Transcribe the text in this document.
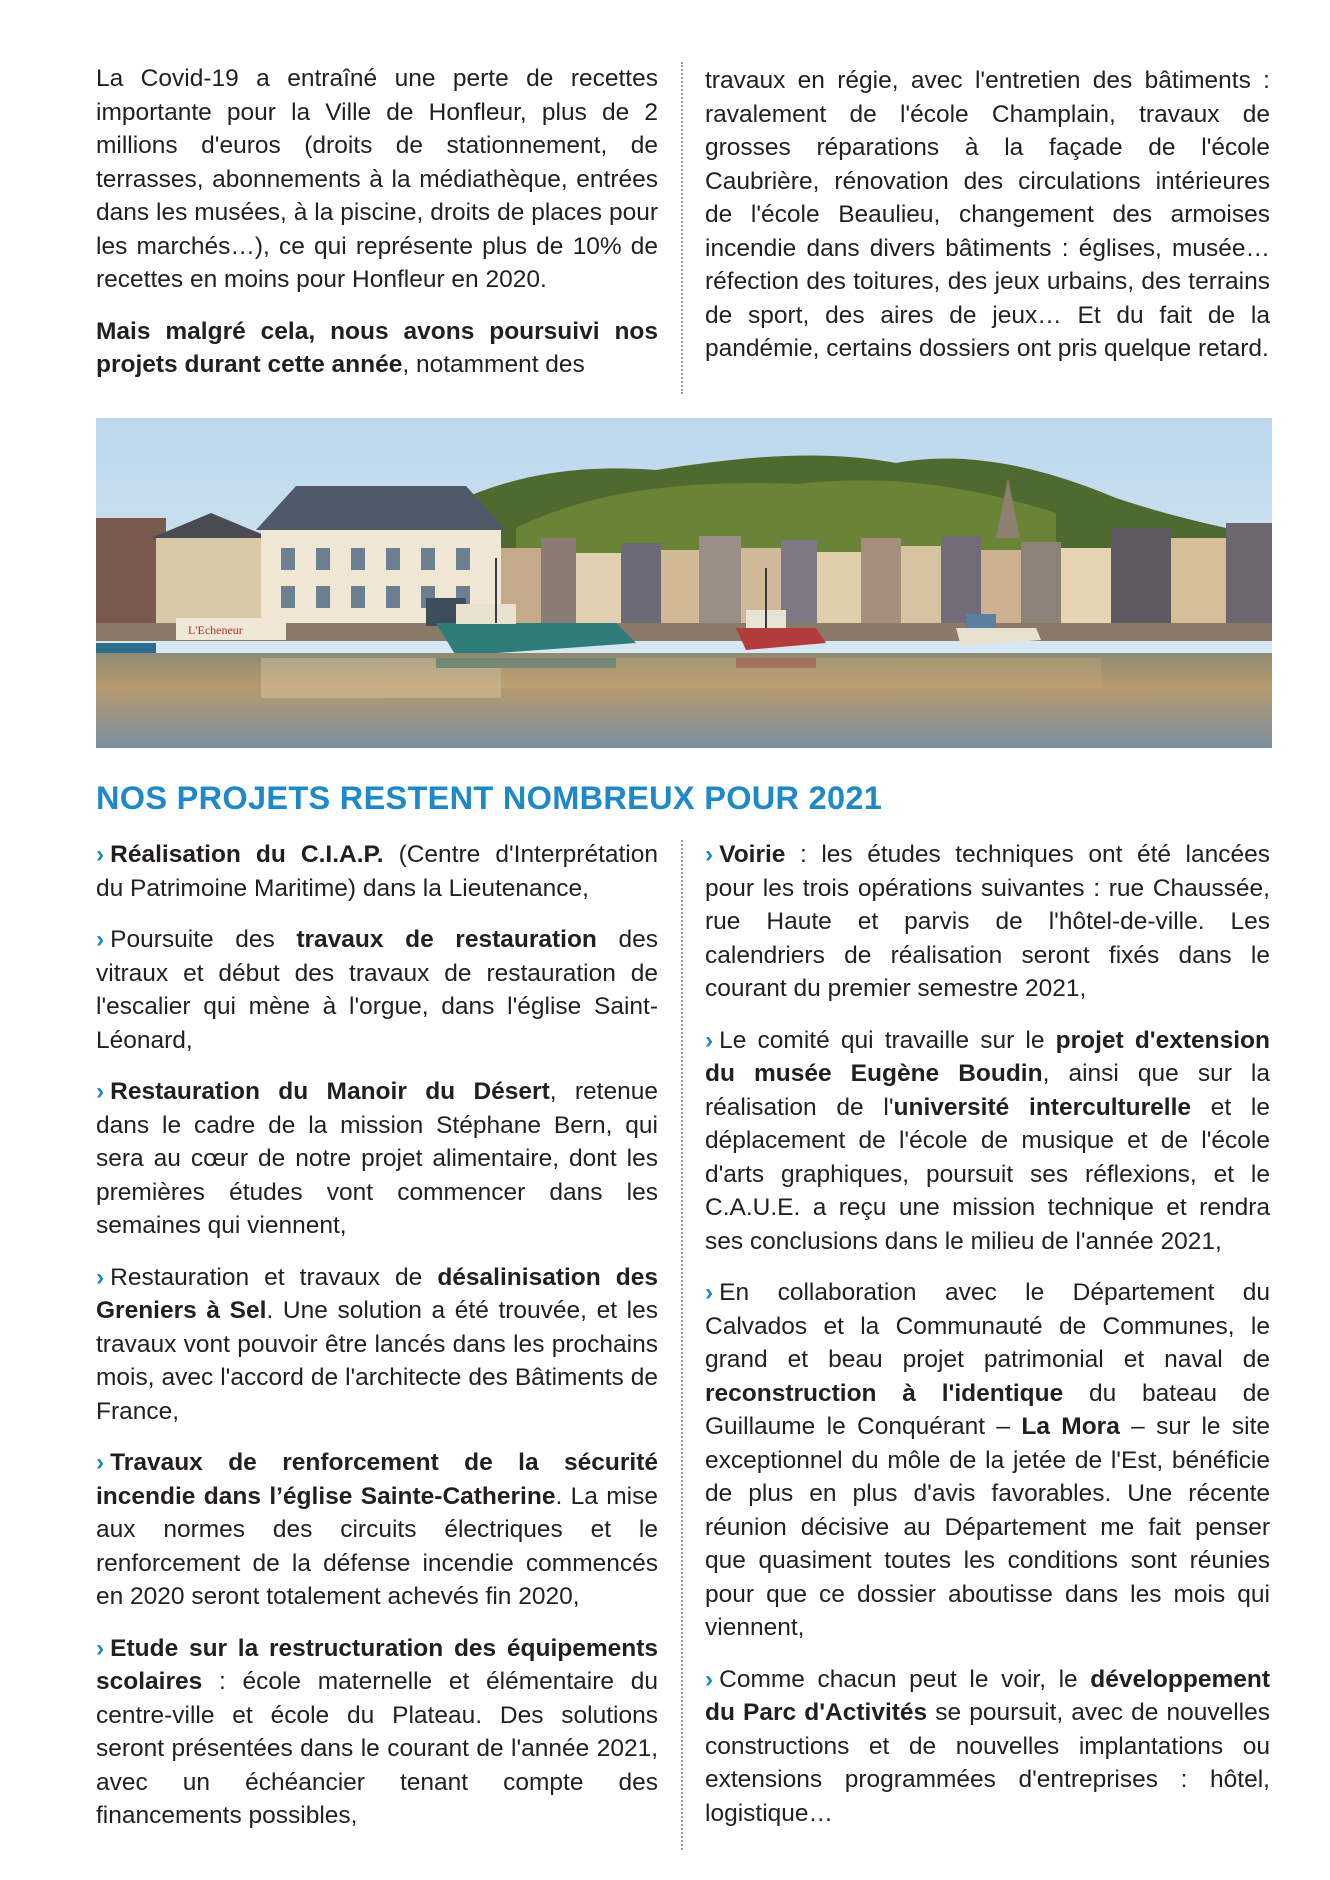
La Covid-19 a entraîné une perte de recettes importante pour la Ville de Honfleur, plus de 2 millions d'euros (droits de stationnement, de terrasses, abonnements à la médiathèque, entrées dans les musées, à la piscine, droits de places pour les marchés…), ce qui représente plus de 10% de recettes en moins pour Honfleur en 2020.

Mais malgré cela, nous avons poursuivi nos projets durant cette année, notamment des

travaux en régie, avec l'entretien des bâtiments : ravalement de l'école Champlain, travaux de grosses réparations à la façade de l'école Caubrière, rénovation des circulations intérieures de l'école Beaulieu, changement des armoises incendie dans divers bâtiments : églises, musée… réfection des toitures, des jeux urbains, des terrains de sport, des aires de jeux… Et du fait de la pandémie, certains dossiers ont pris quelque retard.

L'Echeneur
NOS PROJETS RESTENT NOMBREUX POUR 2021

› Réalisation du C.I.A.P. (Centre d'Interprétation du Patrimoine Maritime) dans la Lieutenance,

› Poursuite des travaux de restauration des vitraux et début des travaux de restauration de l'escalier qui mène à l'orgue, dans l'église Saint-Léonard,

› Restauration du Manoir du Désert, retenue dans le cadre de la mission Stéphane Bern, qui sera au cœur de notre projet alimentaire, dont les premières études vont commencer dans les semaines qui viennent,

› Restauration et travaux de désalinisation des Greniers à Sel. Une solution a été trouvée, et les travaux vont pouvoir être lancés dans les prochains mois, avec l'accord de l'architecte des Bâtiments de France,

› Travaux de renforcement de la sécurité incendie dans l’église Sainte-Catherine. La mise aux normes des circuits électriques et le renforcement de la défense incendie commencés en 2020 seront totalement achevés fin 2020,

› Etude sur la restructuration des équipements scolaires : école maternelle et élémentaire du centre-ville et école du Plateau. Des solutions seront présentées dans le courant de l'année 2021, avec un échéancier tenant compte des financements possibles,

› Voirie : les études techniques ont été lancées pour les trois opérations suivantes : rue Chaussée, rue Haute et parvis de l'hôtel-de-ville. Les calendriers de réalisation seront fixés dans le courant du premier semestre 2021,

› Le comité qui travaille sur le projet d'extension du musée Eugène Boudin, ainsi que sur la réalisation de l'université interculturelle et le déplacement de l'école de musique et de l'école d'arts graphiques, poursuit ses réflexions, et le C.A.U.E. a reçu une mission technique et rendra ses conclusions dans le milieu de l'année 2021,

› En collaboration avec le Département du Calvados et la Communauté de Communes, le grand et beau projet patrimonial et naval de reconstruction à l'identique du bateau de Guillaume le Conquérant – La Mora – sur le site exceptionnel du môle de la jetée de l'Est, bénéficie de plus en plus d'avis favorables. Une récente réunion décisive au Département me fait penser que quasiment toutes les conditions sont réunies pour que ce dossier aboutisse dans les mois qui viennent,

› Comme chacun peut le voir, le développement du Parc d'Activités se poursuit, avec de nouvelles constructions et de nouvelles implantations ou extensions programmées d'entreprises : hôtel, logistique…
